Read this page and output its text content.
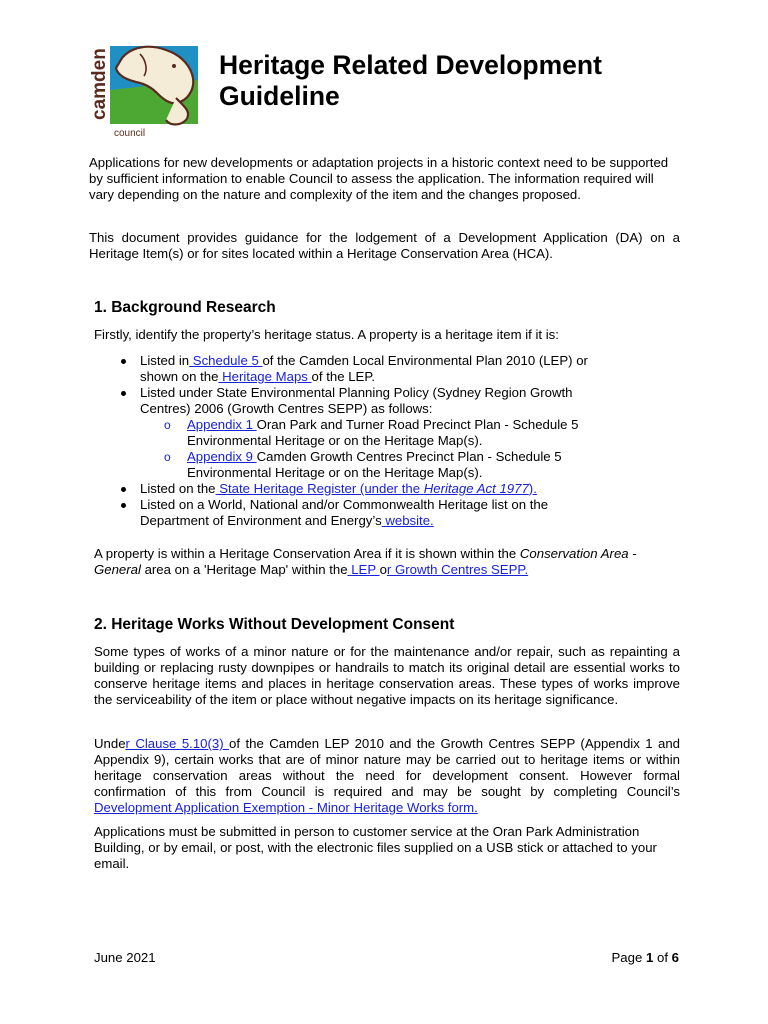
camden
council
Heritage Related Development
Guideline

Applications for new developments or adaptation projects in a historic context need to be supported by sufficient information to enable Council to assess the application. The information required will vary depending on the nature and complexity of the item and the changes proposed.

This document provides guidance for the lodgement of a Development Application (DA) on a Heritage Item(s) or for sites located within a Heritage Conservation Area (HCA).

1. Background Research

Firstly, identify the property’s heritage status. A property is a heritage item if it is:

Listed in Schedule 5 of the Camden Local Environmental Plan 2010 (LEP) or shown on the Heritage Maps of the LEP.
Listed under State Environmental Planning Policy (Sydney Region Growth Centres) 2006 (Growth Centres SEPP) as follows:
o Appendix 1 Oran Park and Turner Road Precinct Plan - Schedule 5 Environmental Heritage or on the Heritage Map(s).
o Appendix 9 Camden Growth Centres Precinct Plan - Schedule 5 Environmental Heritage or on the Heritage Map(s).
Listed on the State Heritage Register (under the Heritage Act 1977).
Listed on a World, National and/or Commonwealth Heritage list on the Department of Environment and Energy’s website.

A property is within a Heritage Conservation Area if it is shown within the Conservation Area - General area on a 'Heritage Map' within the LEP or Growth Centres SEPP.

2. Heritage Works Without Development Consent

Some types of works of a minor nature or for the maintenance and/or repair, such as repainting a building or replacing rusty downpipes or handrails to match its original detail are essential works to conserve heritage items and places in heritage conservation areas. These types of works improve the serviceability of the item or place without negative impacts on its heritage significance.

Under Clause 5.10(3) of the Camden LEP 2010 and the Growth Centres SEPP (Appendix 1 and Appendix 9), certain works that are of minor nature may be carried out to heritage items or within heritage conservation areas without the need for development consent. However formal confirmation of this from Council is required and may be sought by completing Council’s Development Application Exemption - Minor Heritage Works form.

Applications must be submitted in person to customer service at the Oran Park Administration Building, or by email, or post, with the electronic files supplied on a USB stick or attached to your email.

June 2021	Page 1 of 6
